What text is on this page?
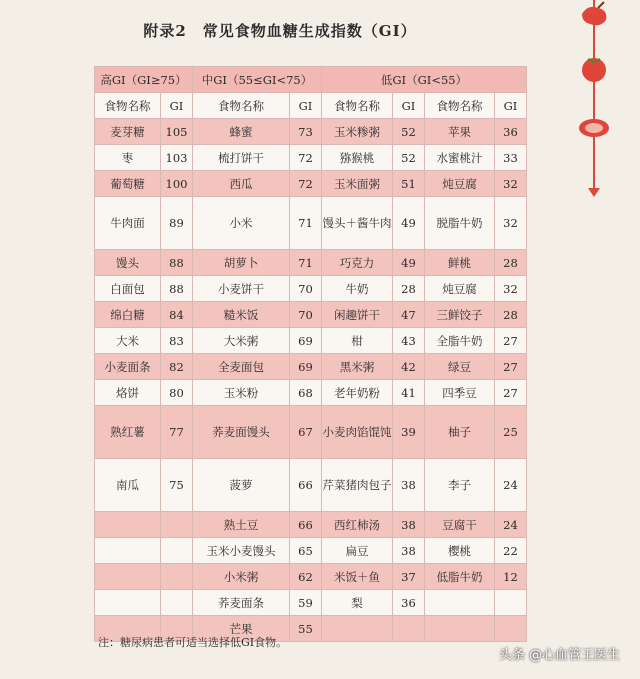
附录2　常见食物血糖生成指数（GI）
高GI（GI≥75）		中GI（55≤GI<75）		低GI（GI<55）			
食物名称	GI	食物名称	GI	食物名称	GI	食物名称	GI
麦芽糖	105	蜂蜜	73	玉米糁粥	52	苹果	36
枣	103	梳打饼干	72	猕猴桃	52	水蜜桃汁	33
葡萄糖	100	西瓜	72	玉米面粥	51	炖豆腐	32
牛肉面	89	小米	71	馒头＋酱牛肉	49	脱脂牛奶	32
馒头	88	胡萝卜	71	巧克力	49	鲜桃	28
白面包	88	小麦饼干	70	牛奶	28	炖豆腐	32
绵白糖	84	糙米饭	70	闲趣饼干	47	三鲜饺子	28
大米	83	大米粥	69	柑	43	全脂牛奶	27
小麦面条	82	全麦面包	69	黑米粥	42	绿豆	27
烙饼	80	玉米粉	68	老年奶粉	41	四季豆	27
熟红薯	77	荞麦面馒头	67	小麦肉馅馄饨	39	柚子	25
南瓜	75	菠萝	66	芹菜猪肉包子	38	李子	24
		熟土豆	66	西红柿汤	38	豆腐干	24
		玉米小麦馒头	65	扁豆	38	樱桃	22
		小米粥	62	米饭＋鱼	37	低脂牛奶	12
		荞麦面条	59	梨	36		
		芒果	55				
注：糖尿病患者可适当选择低GI食物。
头条 @心血管王医生
